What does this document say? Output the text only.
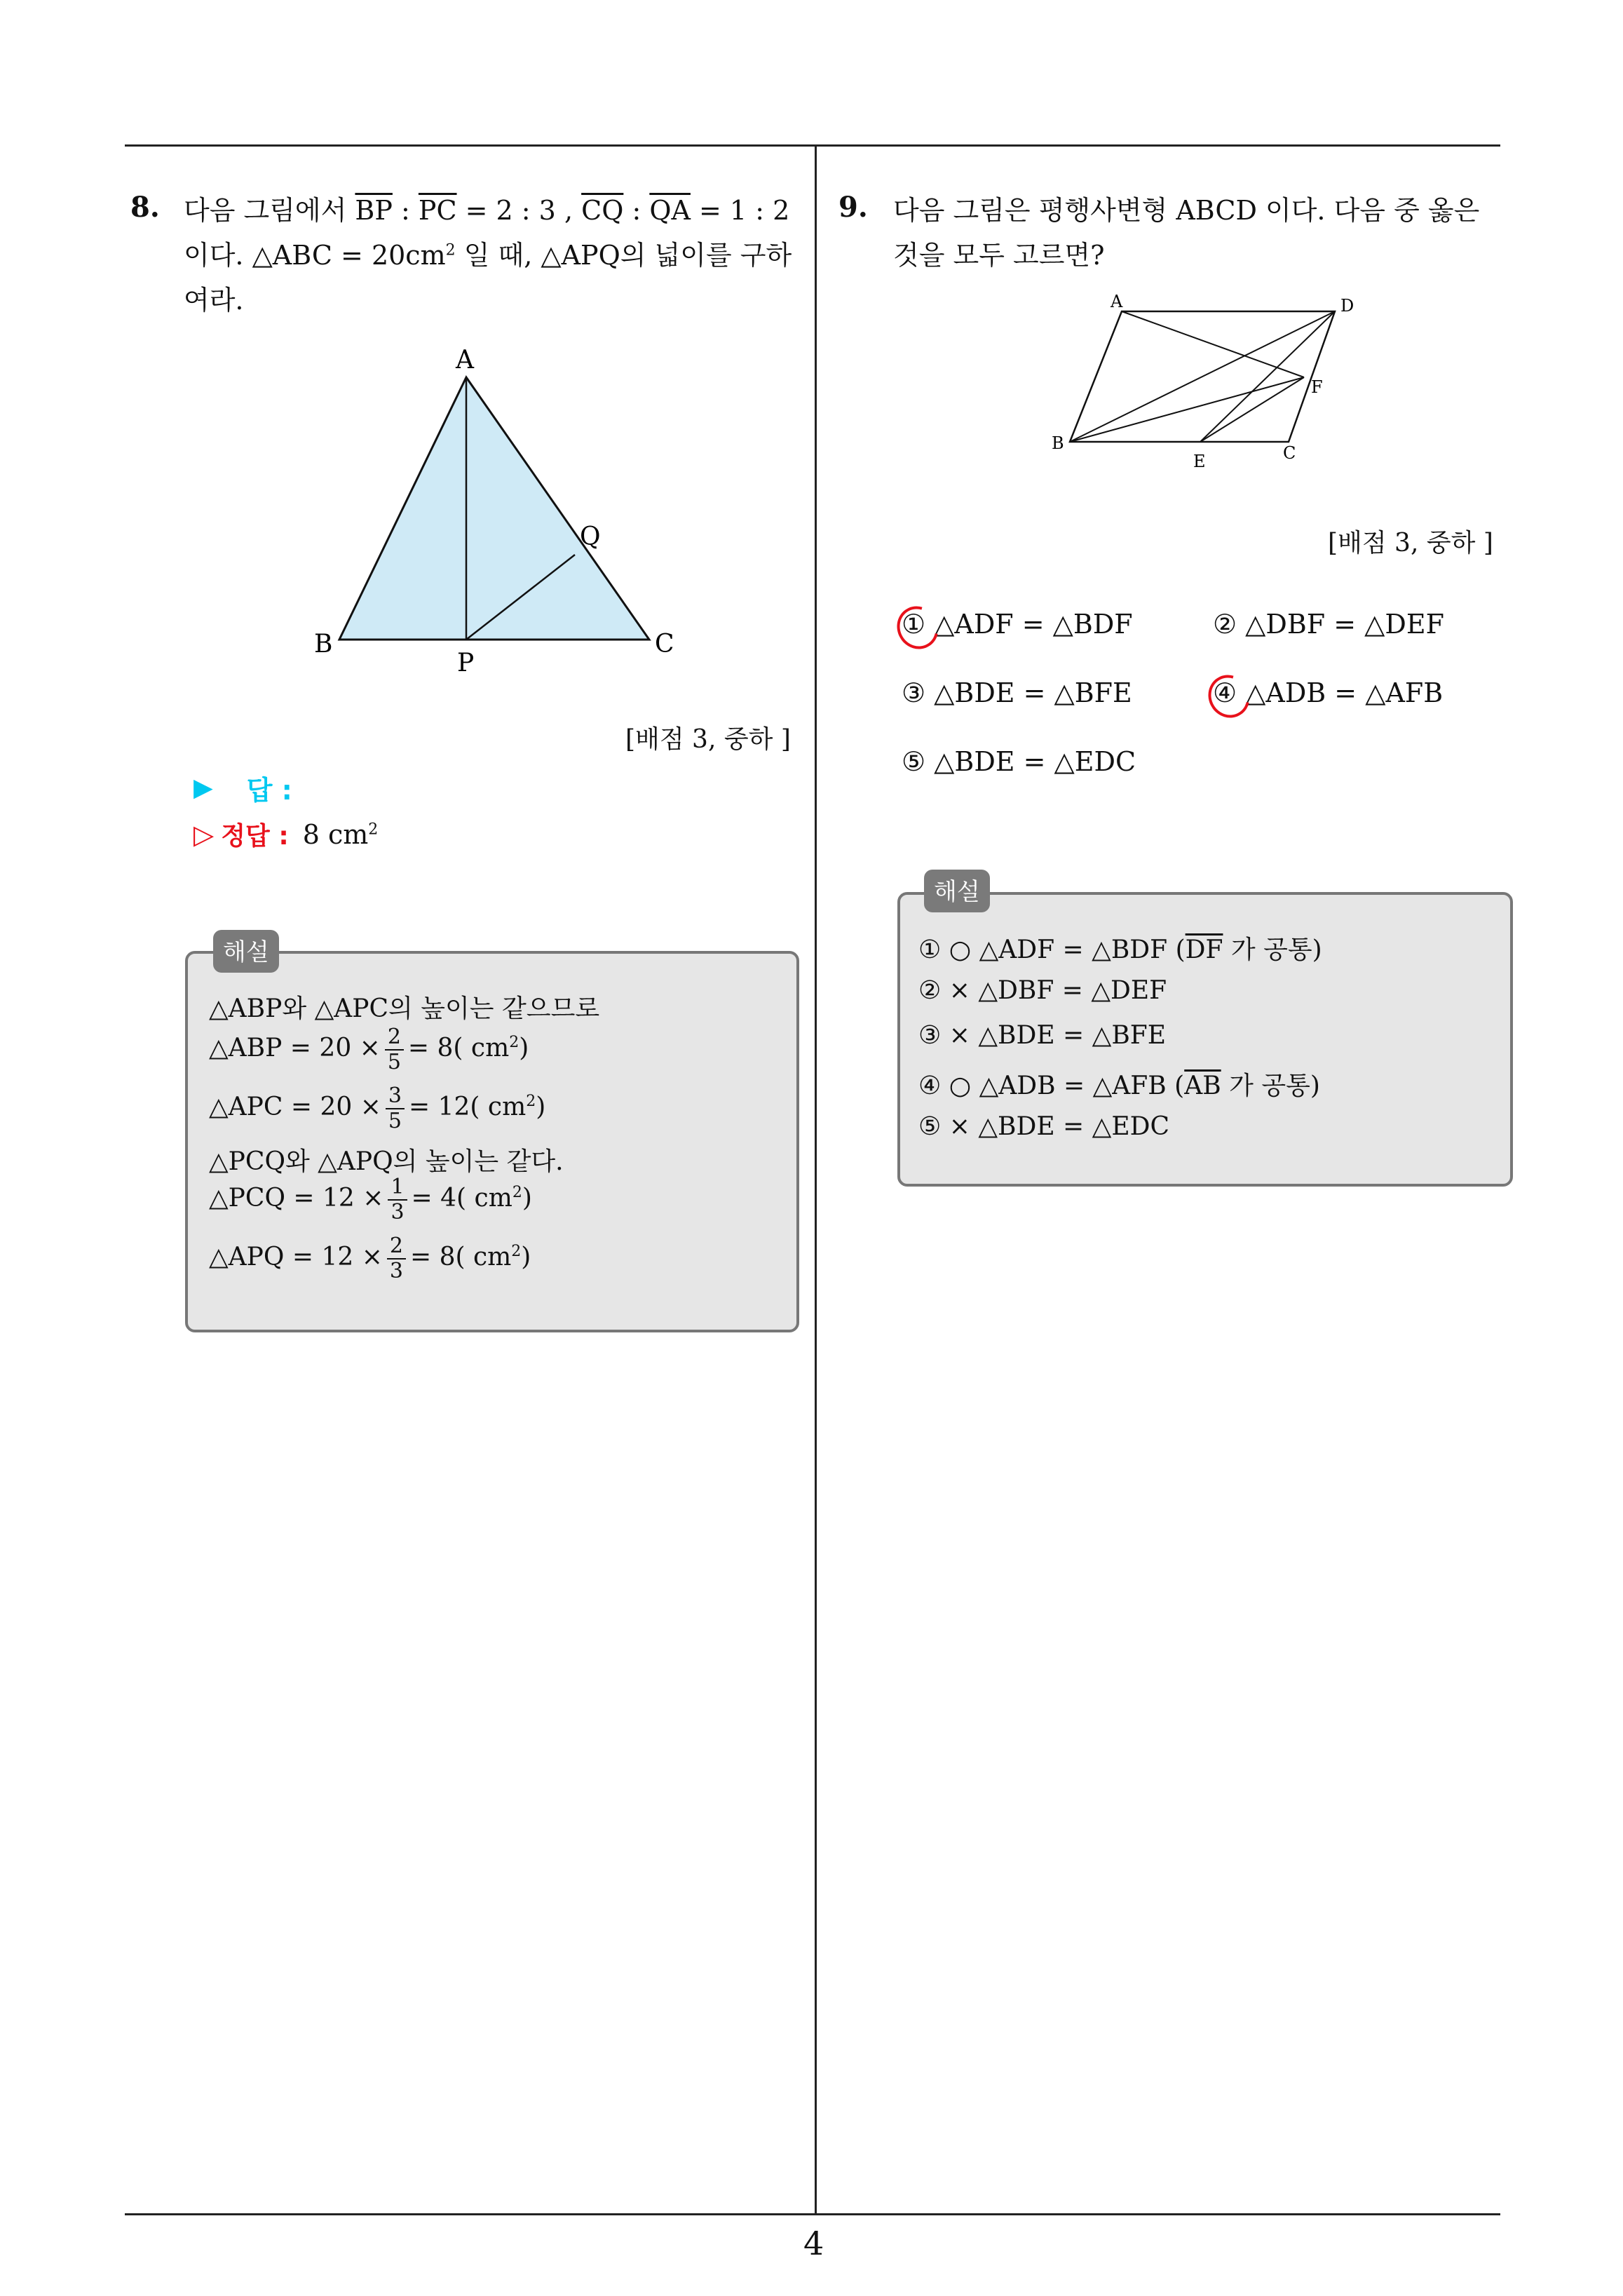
4
8. 다음 그림에서 $\overline{BP}$ : $\overline{PC} = 2$ : 3 , $\overline{CQ}$ : $\overline{QA} = 1$ : 2
이다. △ABC = $20cm^2$ 일 때, △APQ의 넓이를 구하
여라.
A
B	C
P
Q
[배점 3, 중하 ]
▶ 답 :
▷ 정답 : 8 $cm^2$
해설
△ABP와 △APC의 높이는 같으므로
△ABP = $20 \times \frac{2}{5} = 8$( $cm^2$)
△APC = $20 \times \frac{3}{5} = 12$( $cm^2$)
△PCQ와 △APQ의 높이는 같다.
△PCQ = $12 \times \frac{1}{3} = 4$( $cm^2$)
△APQ = $12 \times \frac{2}{3} = 8$( $cm^2$)
9. 다음 그림은 평행사변형 ABCD 이다. 다음 중 옳은
것을 모두 고르면?
A	D
F
B
E	C
[배점 3, 중하 ]
① △ADF = △BDF	② △DBF = △DEF
③ △BDE = △BFE	④ △ADB = △AFB
⑤ △BDE = △EDC
해설
① ○ △ADF = △BDF ($\overline{DF}$ 가 공통)
② × △DBF = △DEF
③ × △BDE = △BFE
④ ○ △ADB = △AFB ($\overline{AB}$ 가 공통)
⑤ × △BDE = △EDC
